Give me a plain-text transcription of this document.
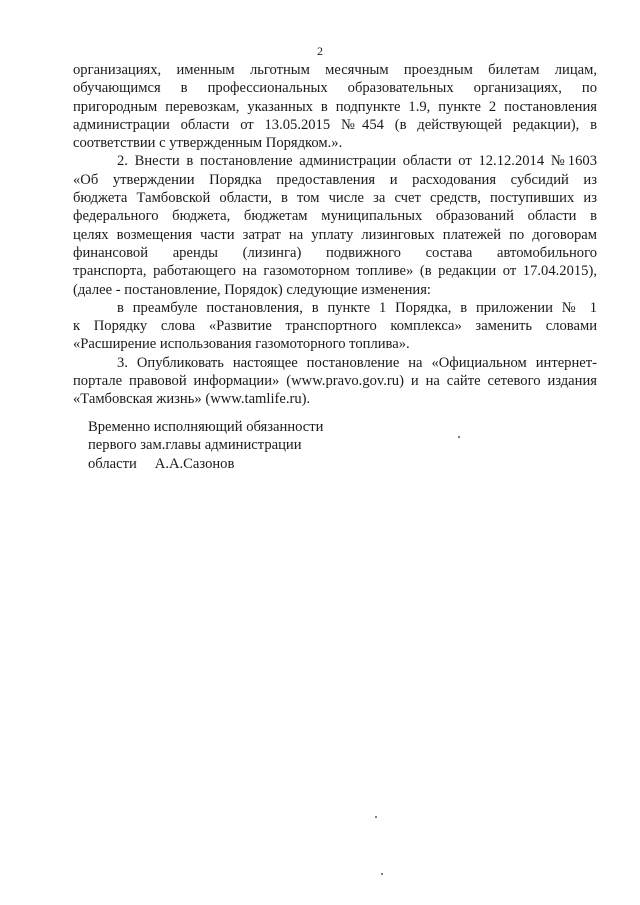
2
организациях, именным льготным месячным проездным билетам лицам,
обучающимся в профессиональных образовательных организациях, по
пригородным перевозкам, указанных в подпункте 1.9, пункте 2 постановления
администрации области от 13.05.2015 №454 (в действующей редакции), в
соответствии с утвержденным Порядком.».
2. Внести в постановление администрации области от 12.12.2014 №1603
«Об утверждении Порядка предоставления и расходования субсидий из
бюджета Тамбовской области, в том числе за счет средств, поступивших из
федерального бюджета, бюджетам муниципальных образований области в
целях возмещения части затрат на уплату лизинговых платежей по договорам
финансовой аренды (лизинга) подвижного состава автомобильного
транспорта, работающего на газомоторном топливе» (в редакции от 17.04.2015),
(далее - постановление, Порядок) следующие изменения:
в преамбуле постановления, в пункте 1 Порядка, в приложении № 1
к Порядку слова «Развитие транспортного комплекса» заменить словами
«Расширение использования газомоторного топлива».
3. Опубликовать настоящее постановление на «Официальном интернет-
портале правовой информации» (www.pravo.gov.ru) и на сайте сетевого издания
«Тамбовская жизнь» (www.tamlife.ru).
Временно исполняющий обязанности
первого зам.главы администрации
области А.А.Сазонов
